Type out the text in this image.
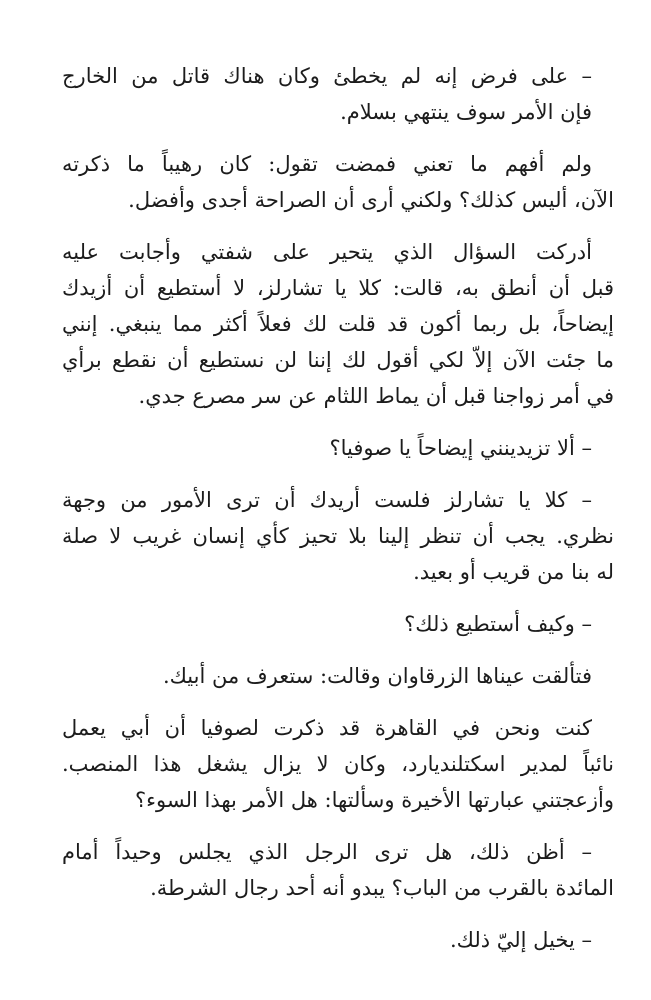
– على فرض إنه لم يخطئ وكان هناك قاتل من الخارج
فإن الأمر سوف ينتهي بسلام.
ولم أفهم ما تعني فمضت تقول: كان رهيباً ما ذكرته
الآن، أليس كذلك؟ ولكني أرى أن الصراحة أجدى وأفضل.
أدركت السؤال الذي يتحير على شفتي وأجابت عليه
قبل أن أنطق به، قالت: كلا يا تشارلز، لا أستطيع أن أزيدك
إيضاحاً، بل ربما أكون قد قلت لك فعلاً أكثر مما ينبغي. إنني
ما جئت الآن إلاّ لكي أقول لك إننا لن نستطيع أن نقطع برأي
في أمر زواجنا قبل أن يماط اللثام عن سر مصرع جدي.
– ألا تزيدينني إيضاحاً يا صوفيا؟
– كلا يا تشارلز فلست أريدك أن ترى الأمور من وجهة
نظري. يجب أن تنظر إلينا بلا تحيز كأي إنسان غريب لا صلة
له بنا من قريب أو بعيد.
– وكيف أستطيع ذلك؟
فتألقت عيناها الزرقاوان وقالت: ستعرف من أبيك.
كنت ونحن في القاهرة قد ذكرت لصوفيا أن أبي يعمل
نائباً لمدير اسكتلنديارد، وكان لا يزال يشغل هذا المنصب.
وأزعجتني عبارتها الأخيرة وسألتها: هل الأمر بهذا السوء؟
– أظن ذلك، هل ترى الرجل الذي يجلس وحيداً أمام
المائدة بالقرب من الباب؟ يبدو أنه أحد رجال الشرطة.
– يخيل إليّ ذلك.
